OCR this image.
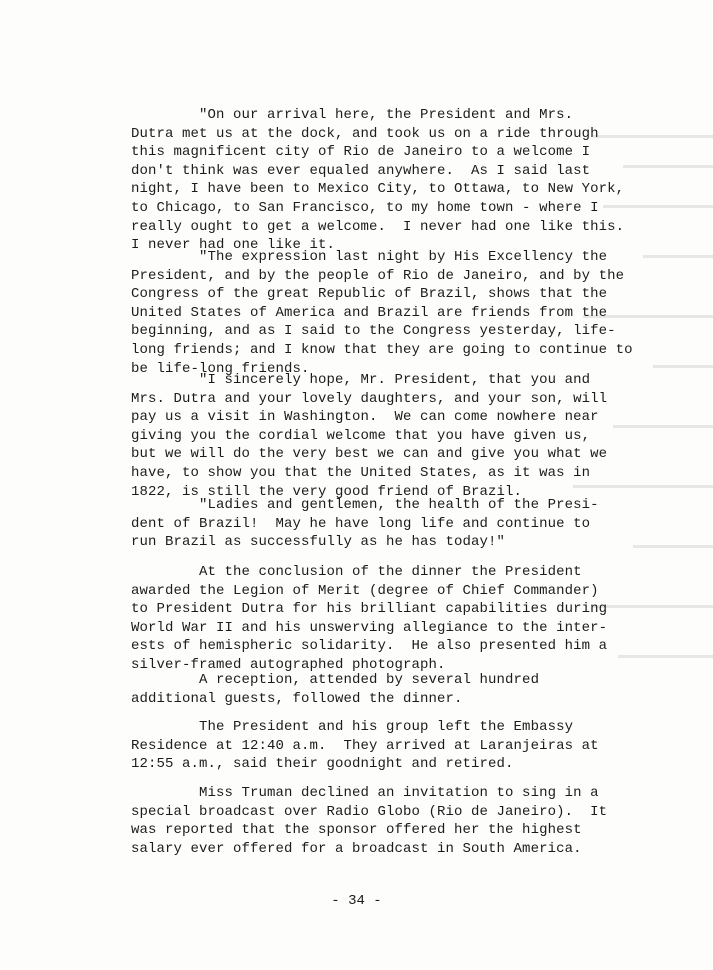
"On our arrival here, the President and Mrs.
Dutra met us at the dock, and took us on a ride through
this magnificent city of Rio de Janeiro to a welcome I
don't think was ever equaled anywhere.  As I said last
night, I have been to Mexico City, to Ottawa, to New York,
to Chicago, to San Francisco, to my home town - where I
really ought to get a welcome.  I never had one like this.
I never had one like it.
"The expression last night by His Excellency the
President, and by the people of Rio de Janeiro, and by the
Congress of the great Republic of Brazil, shows that the
United States of America and Brazil are friends from the
beginning, and as I said to the Congress yesterday, life-
long friends; and I know that they are going to continue to
be life-long friends.
"I sincerely hope, Mr. President, that you and
Mrs. Dutra and your lovely daughters, and your son, will
pay us a visit in Washington.  We can come nowhere near
giving you the cordial welcome that you have given us,
but we will do the very best we can and give you what we
have, to show you that the United States, as it was in
1822, is still the very good friend of Brazil.
"Ladies and gentlemen, the health of the Presi-
dent of Brazil!  May he have long life and continue to
run Brazil as successfully as he has today!"
At the conclusion of the dinner the President
awarded the Legion of Merit (degree of Chief Commander)
to President Dutra for his brilliant capabilities during
World War II and his unswerving allegiance to the inter-
ests of hemispheric solidarity.  He also presented him a
silver-framed autographed photograph.
A reception, attended by several hundred
additional guests, followed the dinner.
The President and his group left the Embassy
Residence at 12:40 a.m.  They arrived at Laranjeiras at
12:55 a.m., said their goodnight and retired.
Miss Truman declined an invitation to sing in a
special broadcast over Radio Globo (Rio de Janeiro).  It
was reported that the sponsor offered her the highest
salary ever offered for a broadcast in South America.
- 34 -
